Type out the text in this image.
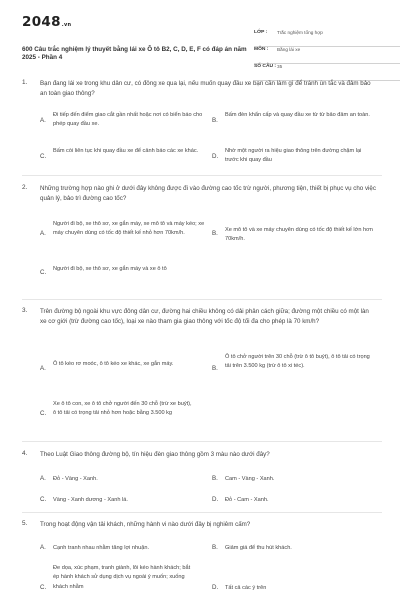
2048.vn
600 Câu trắc nghiệm lý thuyết bằng lái xe Ô tô B2, C, D, E, F có đáp án năm 2025 - Phần 4
LỚP : Trắc nghiệm tổng hợp
MÔN : Bằng lái xe
SỐ CÂU : 35
1. Bạn đang lái xe trong khu dân cư, có đông xe qua lại, nếu muốn quay đầu xe bạn cần làm gì để tránh ùn tắc và đảm bảo an toàn giao thông?
A.
Đi tiếp đến điểm giao cắt gần nhất hoặc nơi có biển báo cho phép quay đầu xe.
B.
Bấm đèn khẩn cấp và quay đầu xe từ từ bảo đảm an toàn.
C.
Bấm còi liên tục khi quay đầu xe để cảnh báo các xe khác.
D.
Nhờ một người ra hiệu giao thông trên đường chậm lại trước khi quay đầu
2. Những trường hợp nào ghi ở dưới đây không được đi vào đường cao tốc trừ người, phương tiện, thiết bị phục vụ cho việc quản lý, bảo trì đường cao tốc?
A.
Người đi bộ, xe thô sơ, xe gắn máy, xe mô tô và máy kéo; xe máy chuyên dùng có tốc độ thiết kế nhỏ hơn 70km/h.	B. Xe mô tô và xe máy chuyên dùng có tốc độ thiết kế lớn hơn 70km/h.
C. Người đi bộ, xe thô sơ, xe gắn máy và xe ô tô
3. Trên đường bộ ngoài khu vực đông dân cư, đường hai chiều không có dải phân cách giữa; đường một chiều có một làn xe cơ giới (trừ đường cao tốc), loại xe nào tham gia giao thông với tốc độ tối đa cho phép là 70 km/h?
A.
Ô tô kéo rơ moóc, ô tô kéo xe khác, xe gắn máy.
B.
Ô tô chở người trên 30 chỗ (trừ ô tô buýt), ô tô tải có trọng tải trên 3.500 kg (trừ ô tô xi téc).
C.
Xe ô tô con, xe ô tô chở người đến 30 chỗ (trừ xe buýt), ô tô tải có trọng tải nhỏ hơn hoặc bằng 3.500 kg
4. Theo Luật Giao thông đường bộ, tín hiệu đèn giao thông gồm 3 màu nào dưới đây?
A. Đỏ - Vàng - Xanh.	B. Cam - Vàng - Xanh.
C. Vàng - Xanh dương - Xanh lá.	D. Đỏ - Cam - Xanh.
5. Trong hoạt động vận tải khách, những hành vi nào dưới đây bị nghiêm cấm?
A. Cạnh tranh nhau nhằm tăng lợi nhuận.	B. Giảm giá để thu hút khách.
C.
Đe dọa, xúc phạm, tranh giành, lôi kéo hành khách; bắt ép hành khách sử dụng dịch vụ ngoài ý muốn; xuống khách nhằm	D. Tất cả các ý trên
